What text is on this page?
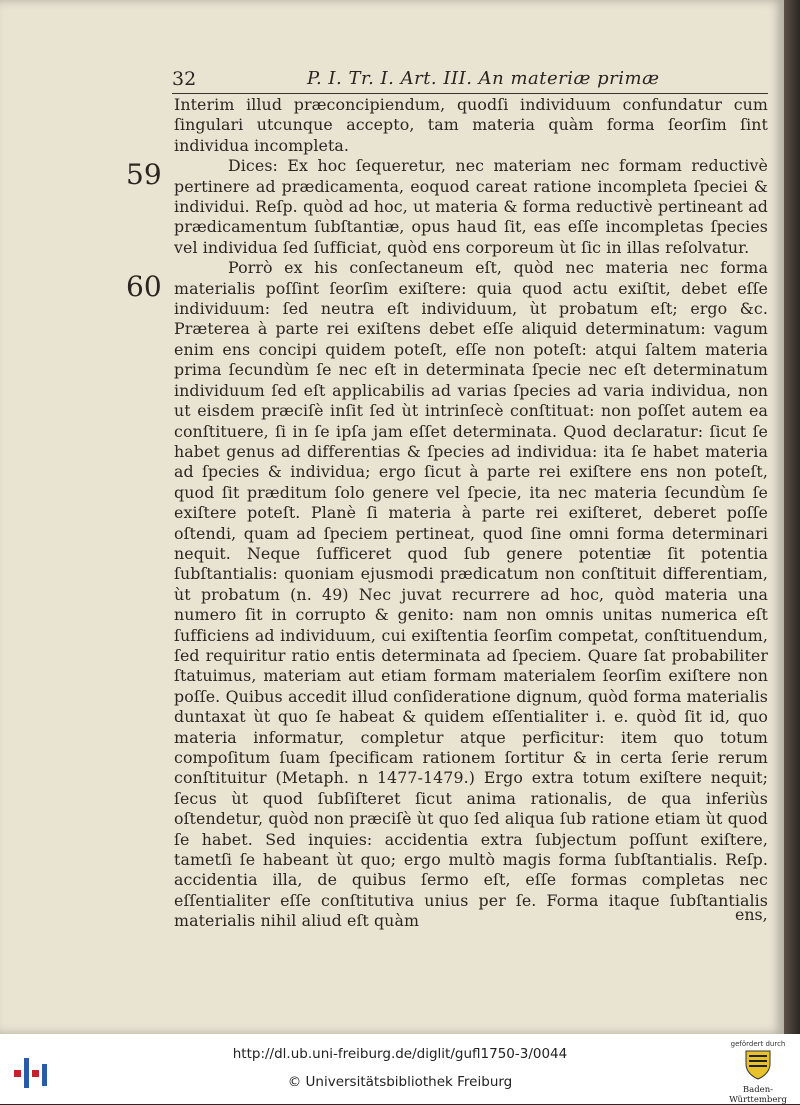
32	P. I. Tr. I. Art. III. An materiæ primæ
59
60

Interim illud præconcipiendum, quodſi individuum confundatur cum ſingulari utcunque accepto, tam materia quàm forma ſeorſim ſint individua incompleta.

Dices: Ex hoc ſequeretur, nec materiam nec formam reductivè pertinere ad prædicamenta, eoquod careat ratione incompleta ſpeciei & individui. Reſp. quòd ad hoc, ut materia & forma reductivè pertineant ad prædicamentum ſubſtantiæ, opus haud ſit, eas eſſe incompletas ſpecies vel individua ſed ſufficiat, quòd ens corporeum ùt ſic in illas reſolvatur.

Porrò ex his conſectaneum eſt, quòd nec materia nec forma materialis poſſint ſeorſim exiſtere: quia quod actu exiſtit, debet eſſe individuum: ſed neutra eſt individuum, ùt probatum eſt; ergo &c. Præterea à parte rei exiſtens debet eſſe aliquid determinatum: vagum enim ens concipi quidem poteſt, eſſe non poteſt: atqui ſaltem materia prima ſecundùm ſe nec eſt in determinata ſpecie nec eſt determinatum individuum ſed eſt applicabilis ad varias ſpecies ad varia individua, non ut eisdem præciſè inſit ſed ùt intrinſecè conſtituat: non poſſet autem ea conſtituere, ſi in ſe ipſa jam eſſet determinata. Quod declaratur: ſicut ſe habet genus ad differentias & ſpecies ad individua: ita ſe habet materia ad ſpecies & individua; ergo ſicut à parte rei exiſtere ens non poteſt, quod ſit præditum ſolo genere vel ſpecie, ita nec materia ſecundùm ſe exiſtere poteſt. Planè ſi materia à parte rei exiſteret, deberet poſſe oſtendi, quam ad ſpeciem pertineat, quod ſine omni forma determinari nequit. Neque ſufficeret quod ſub genere potentiæ ſit potentia ſubſtantialis: quoniam ejusmodi prædicatum non conſtituit differentiam, ùt probatum (n. 49) Nec juvat recurrere ad hoc, quòd materia una numero ſit in corrupto & genito: nam non omnis unitas numerica eſt ſufficiens ad individuum, cui exiſtentia ſeorſim competat, conſtituendum, ſed requiritur ratio entis determinata ad ſpeciem. Quare ſat probabiliter ſtatuimus, materiam aut etiam formam materialem ſeorſim exiſtere non poſſe. Quibus accedit illud conſideratione dignum, quòd forma materialis duntaxat ùt quo ſe habeat & quidem eſſentialiter i. e. quòd ſit id, quo materia informatur, completur atque perficitur: item quo totum compoſitum ſuam ſpecificam rationem ſortitur & in certa ſerie rerum conſtituitur (Metaph. n 1477-1479.) Ergo extra totum exiſtere nequit; ſecus ùt quod ſubſiſteret ſicut anima rationalis, de qua inferiùs oſtendetur, quòd non præciſè ùt quo ſed aliqua ſub ratione etiam ùt quod ſe habet. Sed inquies: accidentia extra ſubjectum poſſunt exiſtere, tametſi ſe habeant ùt quo; ergo multò magis forma ſubſtantialis. Reſp. accidentia illa, de quibus ſermo eſt, eſſe formas completas nec eſſentialiter eſſe conſtitutiva unius per ſe. Forma itaque ſubſtantialis materialis nihil aliud eſt quàm	ens,
http://dl.ub.uni-freiburg.de/diglit/gufl1750-3/0044
© Universitätsbibliothek Freiburg
gefördert durch
Baden-Württemberg
